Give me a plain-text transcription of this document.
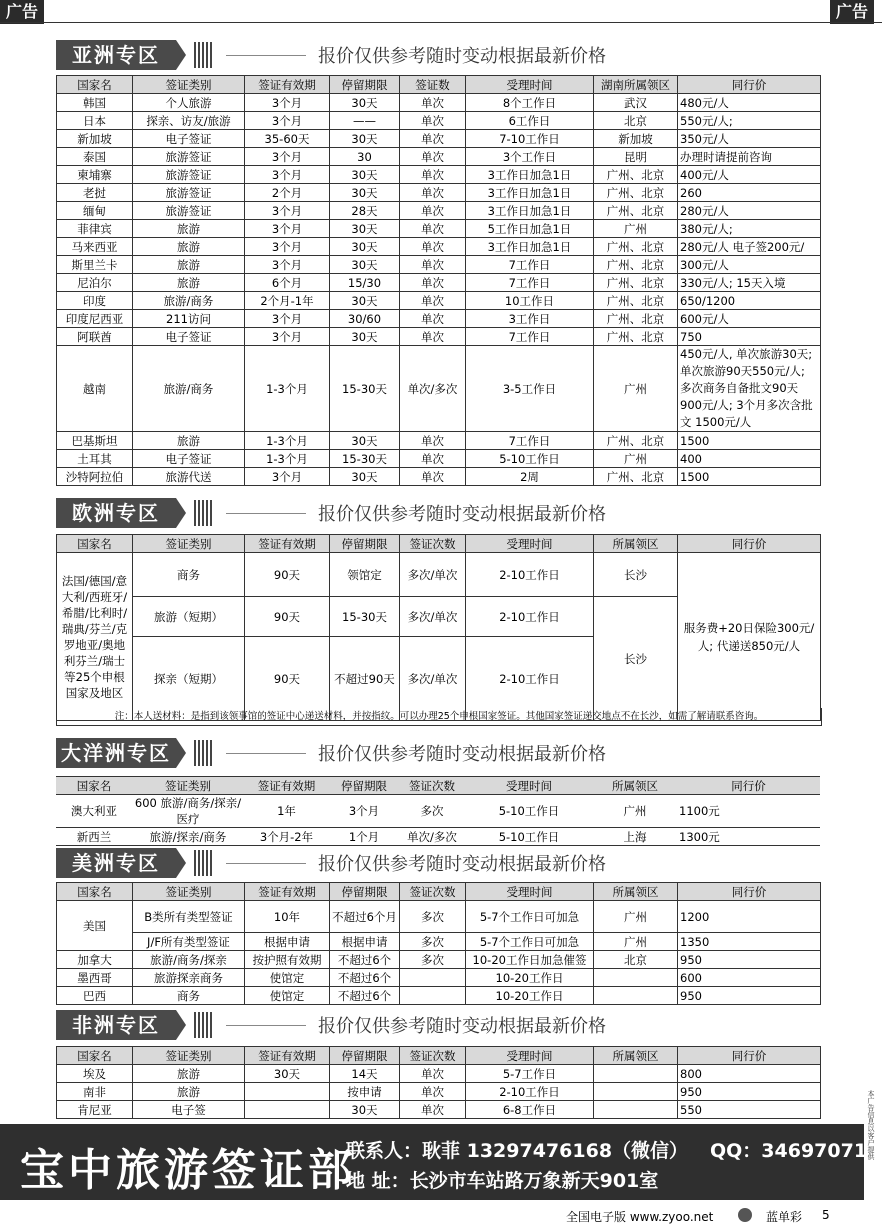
广告	广告
亚洲专区	报价仅供参考随时变动根据最新价格
国家名	签证类别	签证有效期	停留期限	签证数	受理时间	湖南所属领区	同行价
韩国	个人旅游	3个月	30天	单次	8个工作日	武汉	480元/人
日本	探亲、访友/旅游	3个月	——	单次	6工作日	北京	550元/人;
新加坡	电子签证	35-60天	30天	单次	7-10工作日	新加坡	350元/人
泰国	旅游签证	3个月	30	单次	3个工作日	昆明	办理时请提前咨询
柬埔寨	旅游签证	3个月	30天	单次	3工作日加急1日	广州、北京	400元/人
老挝	旅游签证	2个月	30天	单次	3工作日加急1日	广州、北京	260
缅甸	旅游签证	3个月	28天	单次	3工作日加急1日	广州、北京	280元/人
菲律宾	旅游	3个月	30天	单次	5工作日加急1日	广州	380元/人;
马来西亚	旅游	3个月	30天	单次	3工作日加急1日	广州、北京	280元/人 电子签200元/
斯里兰卡	旅游	3个月	30天	单次	7工作日	广州、北京	300元/人
尼泊尔	旅游	6个月	15/30	单次	7工作日	广州、北京	330元/人; 15天入境
印度	旅游/商务	2个月-1年	30天	单次	10工作日	广州、北京	650/1200
印度尼西亚	211访问	3个月	30/60	单次	3工作日	广州、北京	600元/人
阿联酋	电子签证	3个月	30天	单次	7工作日	广州、北京	750
越南	旅游/商务	1-3个月	15-30天	单次/多次	3-5工作日	广州	450元/人, 单次旅游30天; 单次旅游90天550元/人; 多次商务自备批文90天 900元/人; 3个月多次含批文 1500元/人
巴基斯坦	旅游	1-3个月	30天	单次	7工作日	广州、北京	1500
土耳其	电子签证	1-3个月	15-30天	单次	5-10工作日	广州	400
沙特阿拉伯	旅游代送	3个月	30天	单次	2周	广州、北京	1500
欧洲专区	报价仅供参考随时变动根据最新价格
国家名	签证类别	签证有效期	停留期限	签证次数	受理时间	所属领区	同行价
法国/德国/意大利/西班牙/希腊/比利时/瑞典/芬兰/克罗地亚/奥地利芬兰/瑞士等25个申根国家及地区	商务	90天	领馆定	多次/单次	2-10工作日	长沙	服务费+20日保险300元/人; 代递送850元/人
	旅游（短期）	90天	15-30天	多次/单次	2-10工作日	长沙	
	探亲（短期）	90天	不超过90天	多次/单次	2-10工作日		
注：本人送材料：是指到该领事馆的签证中心递送材料，并按指纹。可以办理25个申根国家签证。其他国家签证递交地点不在长沙，如需了解请联系咨询。
大洋洲专区	报价仅供参考随时变动根据最新价格
国家名	签证类别	签证有效期	停留期限	签证次数	受理时间	所属领区	同行价
澳大利亚	600 旅游/商务/探亲/医疗	1年	3个月	多次	5-10工作日	广州	1100元
新西兰	旅游/探亲/商务	3个月-2年	1个月	单次/多次	5-10工作日	上海	1300元
美洲专区	报价仅供参考随时变动根据最新价格
国家名	签证类别	签证有效期	停留期限	签证次数	受理时间	所属领区	同行价
美国	B类所有类型签证	10年	不超过6个月	多次	5-7个工作日可加急	广州	1200
	J/F所有类型签证	根据申请	根据申请	多次	5-7个工作日可加急	广州	1350
加拿大	旅游/商务/探亲	按护照有效期	不超过6个	多次	10-20工作日加急催签	北京	950
墨西哥	旅游探亲商务	使馆定	不超过6个		10-20工作日		600
巴西	商务	使馆定	不超过6个		10-20工作日		950
非洲专区	报价仅供参考随时变动根据最新价格
国家名	签证类别	签证有效期	停留期限	签证次数	受理时间	所属领区	同行价
埃及	旅游	30天	14天	单次	5-7工作日		800
南非	旅游		按申请	单次	2-10工作日		950
肯尼亚	电子签		30天	单次	6-8工作日		550
宝中旅游签证部
联系人：耿菲 13297476168（微信） QQ：34697071
地 址：长沙市车站路万象新天901室
本广告信息以客户提供
全国电子版 www.zyoo.net	蓝单彩 5
